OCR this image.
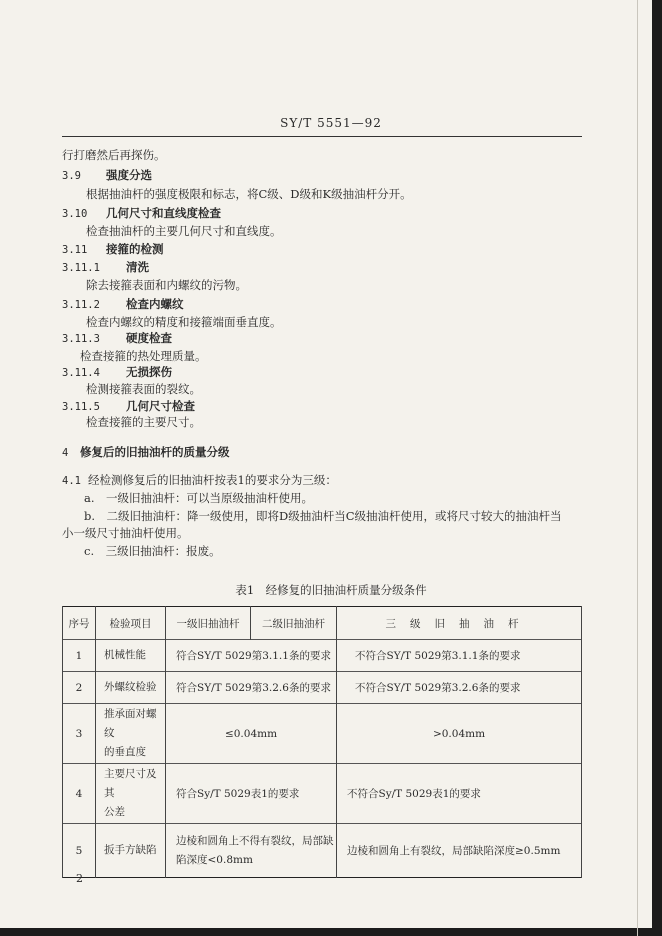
SY/T 5551—92
行打磨然后再探伤。
3.9 强度分选
根据抽油杆的强度极限和标志，将C级、D级和K级抽油杆分开。
3.10 几何尺寸和直线度检查
检查抽油杆的主要几何尺寸和直线度。
3.11 接箍的检测
3.11.1 清洗
除去接箍表面和内螺纹的污物。
3.11.2 检查内螺纹
检查内螺纹的精度和接箍端面垂直度。
3.11.3 硬度检查
检查接箍的热处理质量。
3.11.4 无损探伤
检测接箍表面的裂纹。
3.11.5 几何尺寸检查
检查接箍的主要尺寸。
4 修复后的旧抽油杆的质量分级
4.1 经检测修复后的旧抽油杆按表1的要求分为三级：
a.　一级旧抽油杆：可以当原级抽油杆使用。
b.　二级旧抽油杆：降一级使用，即将D级抽油杆当C级抽油杆使用，或将尺寸较大的抽油杆当
小一级尺寸抽油杆使用。
c.　三级旧抽油杆：报废。
表1　经修复的旧抽油杆质量分级条件
序号	检验项目	一级旧抽油杆	二级旧抽油杆	三级旧抽油杆
1	机械性能	符合SY/T 5029第3.1.1条的要求		不符合SY/T 5029第3.1.1条的要求
2	外螺纹检验	符合SY/T 5029第3.2.6条的要求		不符合SY/T 5029第3.2.6条的要求
3	推承面对螺纹
的垂直度	≤0.04mm		>0.04mm
4	主要尺寸及其
公差	符合Sy/T 5029表1的要求		不符合Sy/T 5029表1的要求
5	扳手方缺陷	边棱和圆角上不得有裂纹，局部缺
陷深度<0.8mm		边棱和圆角上有裂纹，局部缺陷深度≥0.5mm
2
